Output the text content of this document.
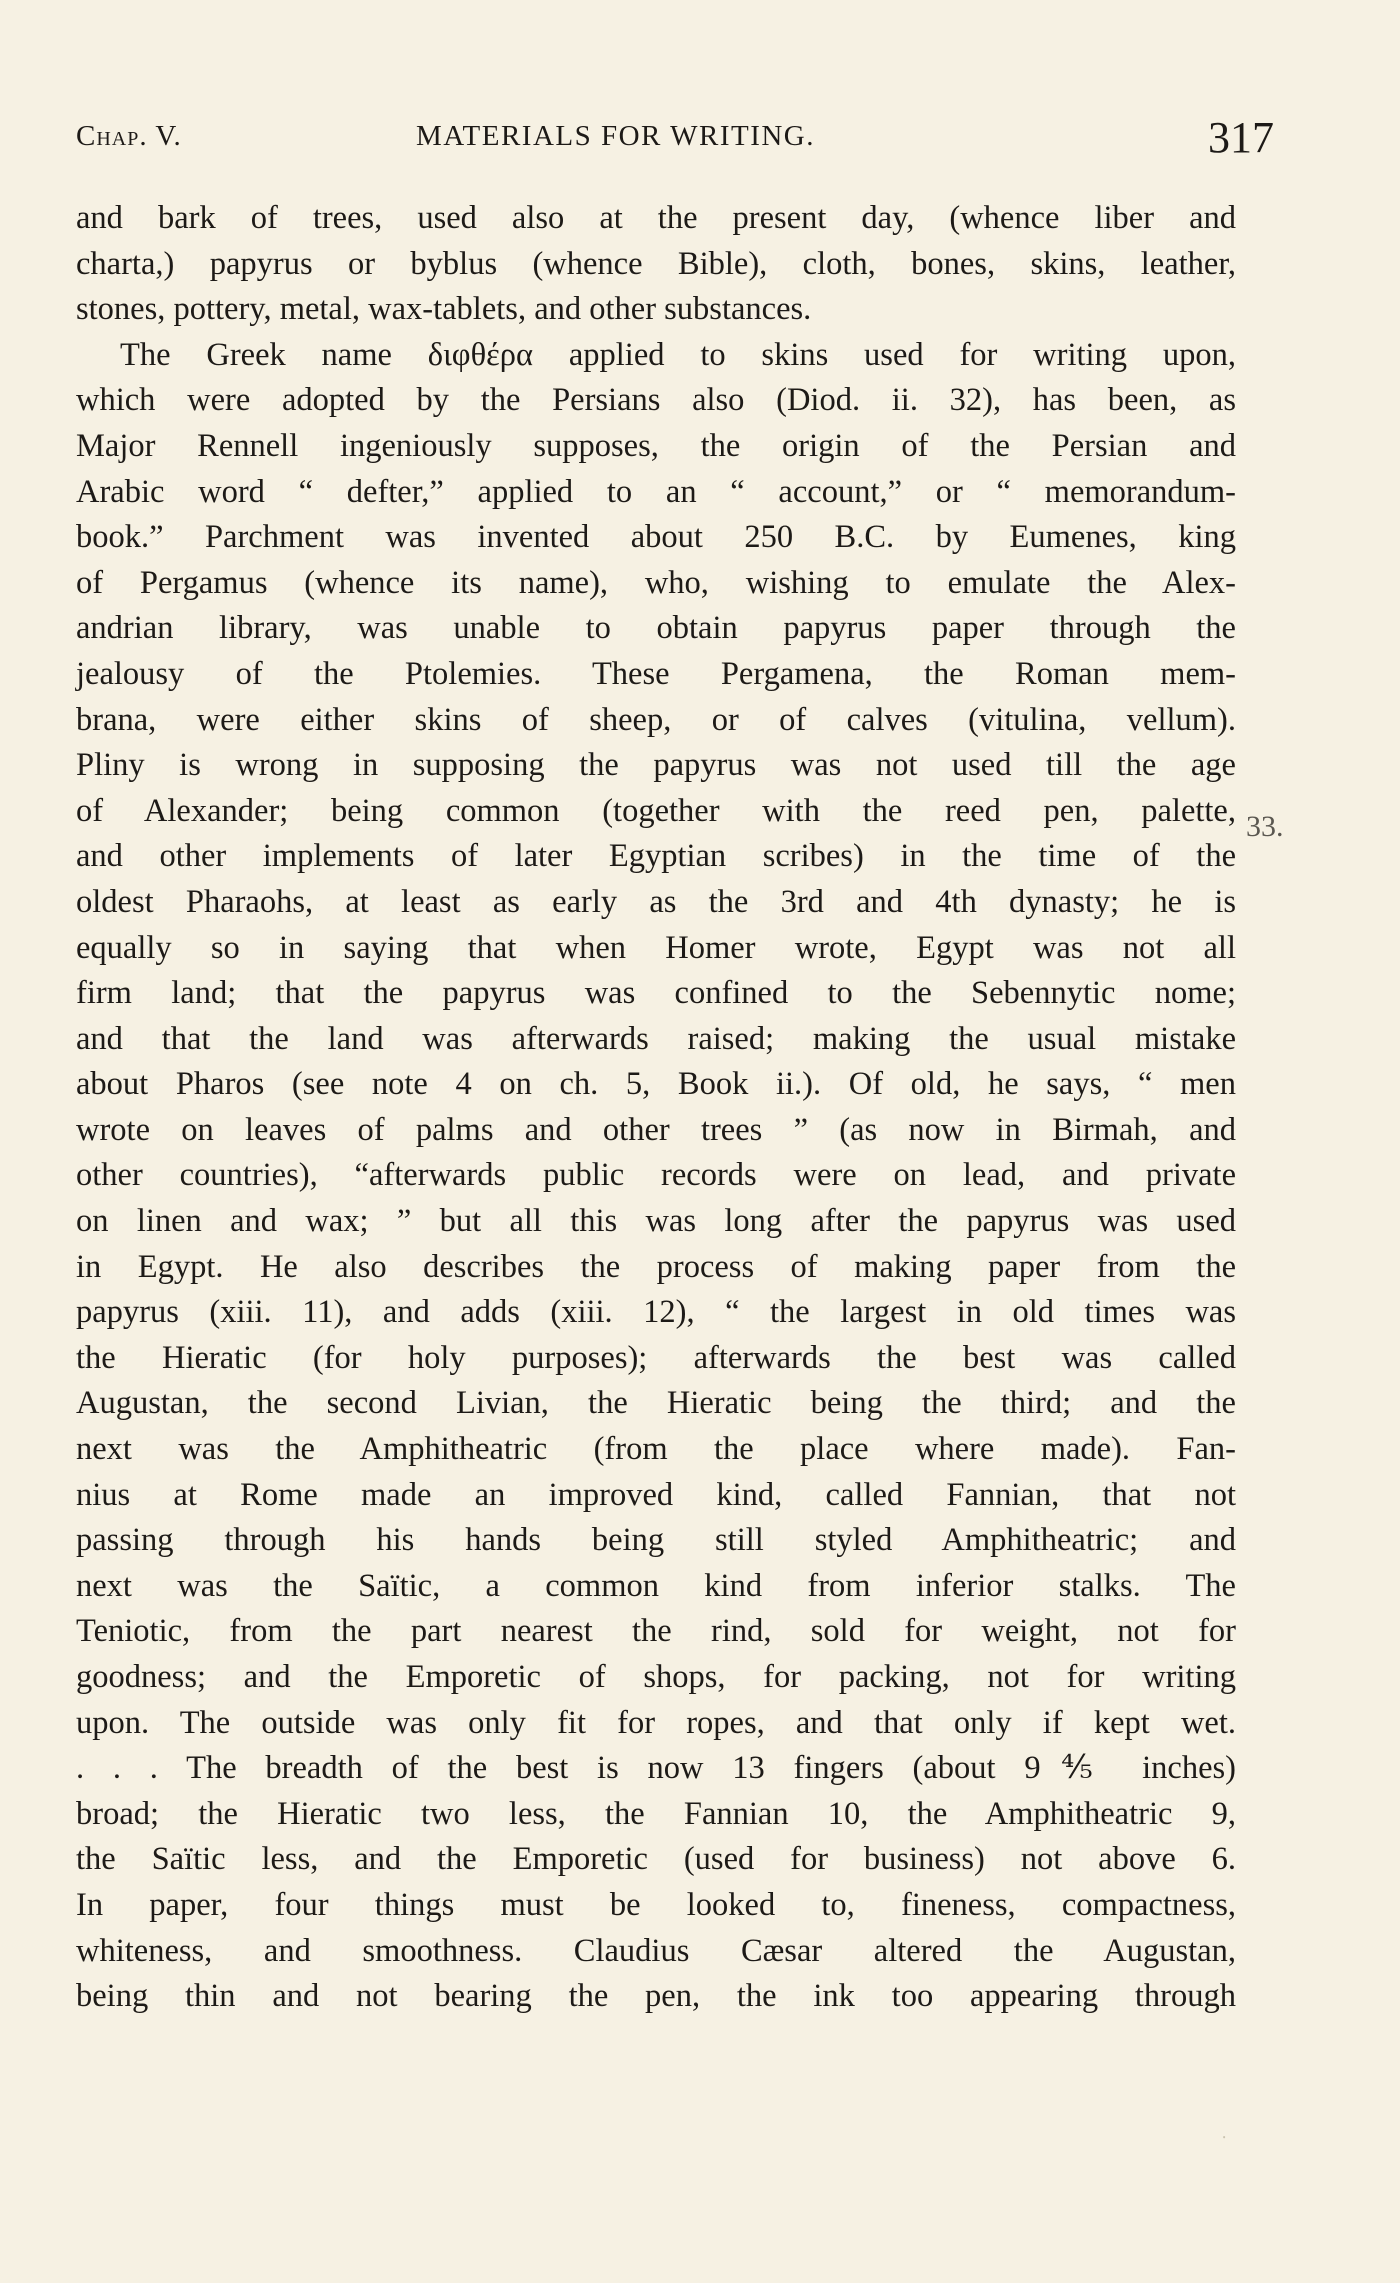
Chap. V.	MATERIALS FOR WRITING.	317
and bark of trees, used also at the present day, (whence liber and
charta,) papyrus or byblus (whence Bible), cloth, bones, skins, leather,
stones, pottery, metal, wax-tablets, and other substances.
The Greek name διφθέρα applied to skins used for writing upon,
which were adopted by the Persians also (Diod. ii. 32), has been, as
Major Rennell ingeniously supposes, the origin of the Persian and
Arabic word “ defter,” applied to an “ account,” or “ memorandum-
book.” Parchment was invented about 250 B.C. by Eumenes, king
of Pergamus (whence its name), who, wishing to emulate the Alex-
andrian library, was unable to obtain papyrus paper through the
jealousy of the Ptolemies. These Pergamena, the Roman mem-
brana, were either skins of sheep, or of calves (vitulina, vellum).
Pliny is wrong in supposing the papyrus was not used till the age
of Alexander; being common (together with the reed pen, palette,
and other implements of later Egyptian scribes) in the time of the
oldest Pharaohs, at least as early as the 3rd and 4th dynasty; he is
equally so in saying that when Homer wrote, Egypt was not all
firm land; that the papyrus was confined to the Sebennytic nome;
and that the land was afterwards raised; making the usual mistake
about Pharos (see note 4 on ch. 5, Book ii.). Of old, he says, “ men
wrote on leaves of palms and other trees ” (as now in Birmah, and
other countries), “afterwards public records were on lead, and private
on linen and wax; ” but all this was long after the papyrus was used
in Egypt. He also describes the process of making paper from the
papyrus (xiii. 11), and adds (xiii. 12), “ the largest in old times was
the Hieratic (for holy purposes); afterwards the best was called
Augustan, the second Livian, the Hieratic being the third; and the
next was the Amphitheatric (from the place where made). Fan-
nius at Rome made an improved kind, called Fannian, that not
passing through his hands being still styled Amphitheatric; and
next was the Saïtic, a common kind from inferior stalks. The
Teniotic, from the part nearest the rind, sold for weight, not for
goodness; and the Emporetic of shops, for packing, not for writing
upon. The outside was only fit for ropes, and that only if kept wet.
. . . The breadth of the best is now 13 fingers (about 9⅘ inches)
broad; the Hieratic two less, the Fannian 10, the Amphitheatric 9,
the Saïtic less, and the Emporetic (used for business) not above 6.
In paper, four things must be looked to, fineness, compactness,
whiteness, and smoothness. Claudius Cæsar altered the Augustan,
being thin and not bearing the pen, the ink too appearing through
33.
⸱
